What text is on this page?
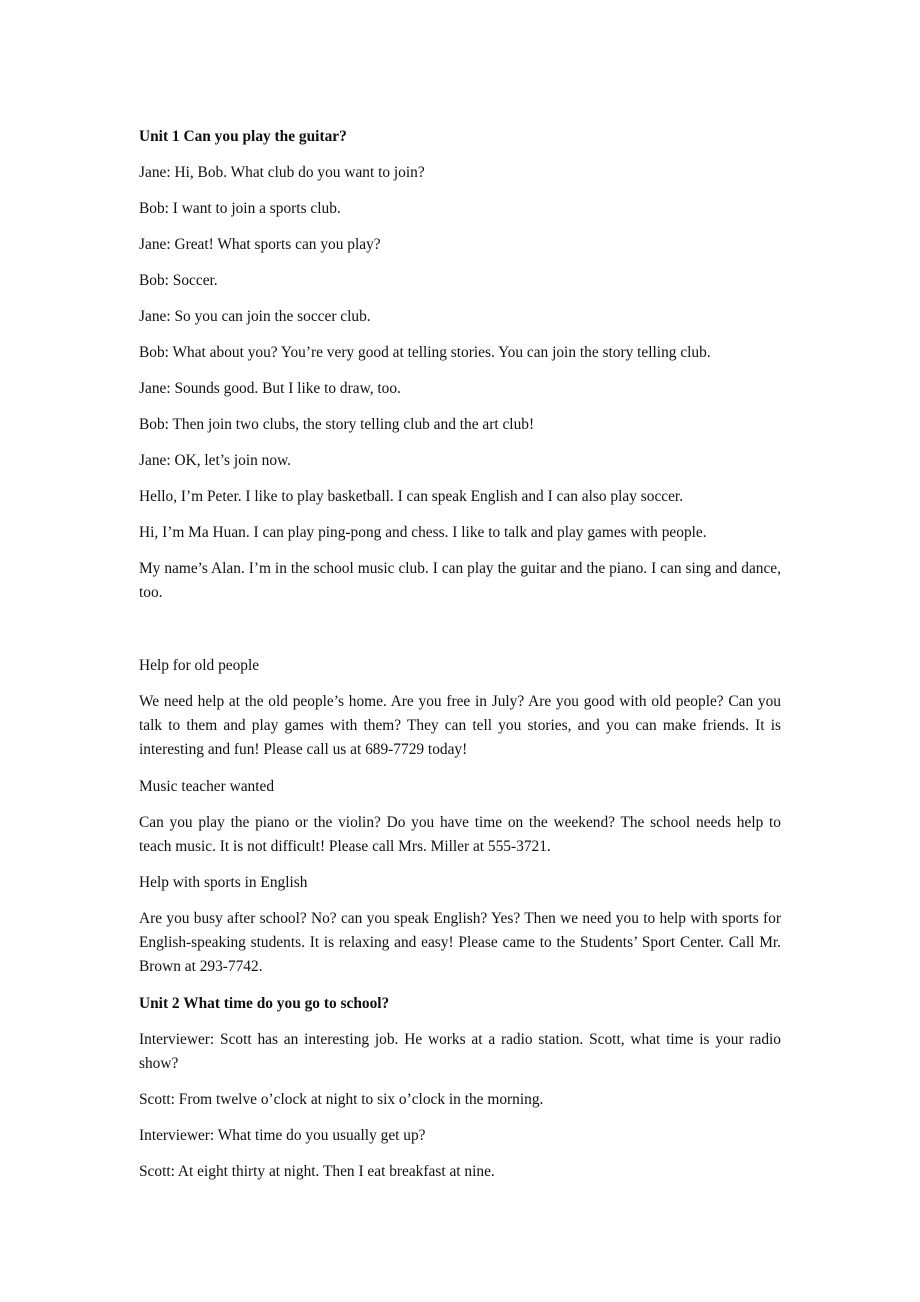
Unit 1 Can you play the guitar?

Jane: Hi, Bob. What club do you want to join?

Bob: I want to join a sports club.

Jane: Great! What sports can you play?

Bob: Soccer.

Jane: So you can join the soccer club.

Bob: What about you? You’re very good at telling stories. You can join the story telling club.

Jane: Sounds good. But I like to draw, too.

Bob: Then join two clubs, the story telling club and the art club!

Jane: OK, let’s join now.

Hello, I’m Peter. I like to play basketball. I can speak English and I can also play soccer.

Hi, I’m Ma Huan. I can play ping-pong and chess. I like to talk and play games with people.

My name’s Alan. I’m in the school music club. I can play the guitar and the piano. I can sing and dance, too.

Help for old people

We need help at the old people’s home. Are you free in July? Are you good with old people? Can you talk to them and play games with them? They can tell you stories, and you can make friends. It is interesting and fun! Please call us at 689-7729 today!

Music teacher wanted

Can you play the piano or the violin? Do you have time on the weekend? The school needs help to teach music. It is not difficult! Please call Mrs. Miller at 555-3721.

Help with sports in English

Are you busy after school? No? can you speak English? Yes? Then we need you to help with sports for English-speaking students. It is relaxing and easy! Please came to the Students’ Sport Center. Call Mr. Brown at 293-7742.

Unit 2 What time do you go to school?

Interviewer: Scott has an interesting job. He works at a radio station. Scott, what time is your radio show?

Scott: From twelve o’clock at night to six o’clock in the morning.

Interviewer: What time do you usually get up?

Scott: At eight thirty at night. Then I eat breakfast at nine.
